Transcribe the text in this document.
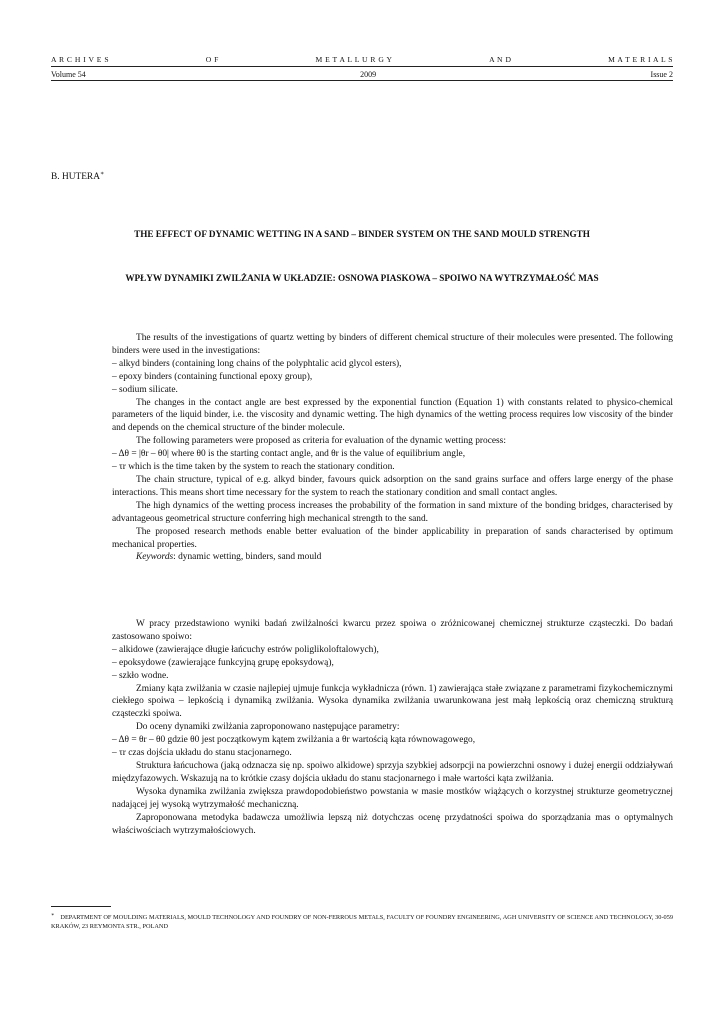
A R C H I V E S	O F	M E T A L L U R G Y	A N D	M A T E R I A L S
Volume 54	2009	Issue 2
B. HUTERA∗
THE EFFECT OF DYNAMIC WETTING IN A SAND – BINDER SYSTEM ON THE SAND MOULD STRENGTH
WPŁYW DYNAMIKI ZWILŻANIA W UKŁADZIE: OSNOWA PIASKOWA – SPOIWO NA WYTRZYMAŁOŚĆ MAS

The results of the investigations of quartz wetting by binders of different chemical structure of their molecules were presented. The following binders were used in the investigations:

– alkyd binders (containing long chains of the polyphtalic acid glycol esters),

– epoxy binders (containing functional epoxy group),

– sodium silicate.

The changes in the contact angle are best expressed by the exponential function (Equation 1) with constants related to physico-chemical parameters of the liquid binder, i.e. the viscosity and dynamic wetting. The high dynamics of the wetting process requires low viscosity of the binder and depends on the chemical structure of the binder molecule.

The following parameters were proposed as criteria for evaluation of the dynamic wetting process:

– Δθ = |θr – θ0| where θ0 is the starting contact angle, and θr is the value of equilibrium angle,

– τr which is the time taken by the system to reach the stationary condition.

The chain structure, typical of e.g. alkyd binder, favours quick adsorption on the sand grains surface and offers large energy of the phase interactions. This means short time necessary for the system to reach the stationary condition and small contact angles.

The high dynamics of the wetting process increases the probability of the formation in sand mixture of the bonding bridges, characterised by advantageous geometrical structure conferring high mechanical strength to the sand.

The proposed research methods enable better evaluation of the binder applicability in preparation of sands characterised by optimum mechanical properties.

Keywords: dynamic wetting, binders, sand mould

W pracy przedstawiono wyniki badań zwilżalności kwarcu przez spoiwa o zróżnicowanej chemicznej strukturze cząsteczki. Do badań zastosowano spoiwo:

– alkidowe (zawierające długie łańcuchy estrów poliglikoloftalowych),

– epoksydowe (zawierające funkcyjną grupę epoksydową),

– szkło wodne.

Zmiany kąta zwilżania w czasie najlepiej ujmuje funkcja wykładnicza (równ. 1) zawierająca stałe związane z parametrami fizykochemicznymi ciekłego spoiwa – lepkością i dynamiką zwilżania. Wysoka dynamika zwilżania uwarunkowana jest małą lepkością oraz chemiczną strukturą cząsteczki spoiwa.

Do oceny dynamiki zwilżania zaproponowano następujące parametry:

– Δθ = θr – θ0 gdzie θ0 jest początkowym kątem zwilżania a θr wartością kąta równowagowego,

– τr czas dojścia układu do stanu stacjonarnego.

Struktura łańcuchowa (jaką odznacza się np. spoiwo alkidowe) sprzyja szybkiej adsorpcji na powierzchni osnowy i dużej energii oddziaływań międzyfazowych. Wskazują na to krótkie czasy dojścia układu do stanu stacjonarnego i małe wartości kąta zwilżania.

Wysoka dynamika zwilżania zwiększa prawdopodobieństwo powstania w masie mostków wiążących o korzystnej strukturze geometrycznej nadającej jej wysoką wytrzymałość mechaniczną.

Zaproponowana metodyka badawcza umożliwia lepszą niż dotychczas ocenę przydatności spoiwa do sporządzania mas o optymalnych właściwościach wytrzymałościowych.

∗ DEPARTMENT OF MOULDING MATERIALS, MOULD TECHNOLOGY AND FOUNDRY OF NON-FERROUS METALS, FACULTY OF FOUNDRY ENGINEERING, AGH UNIVERSITY OF SCIENCE AND TECHNOLOGY, 30-059 KRAKÓW, 23 REYMONTA STR., POLAND
